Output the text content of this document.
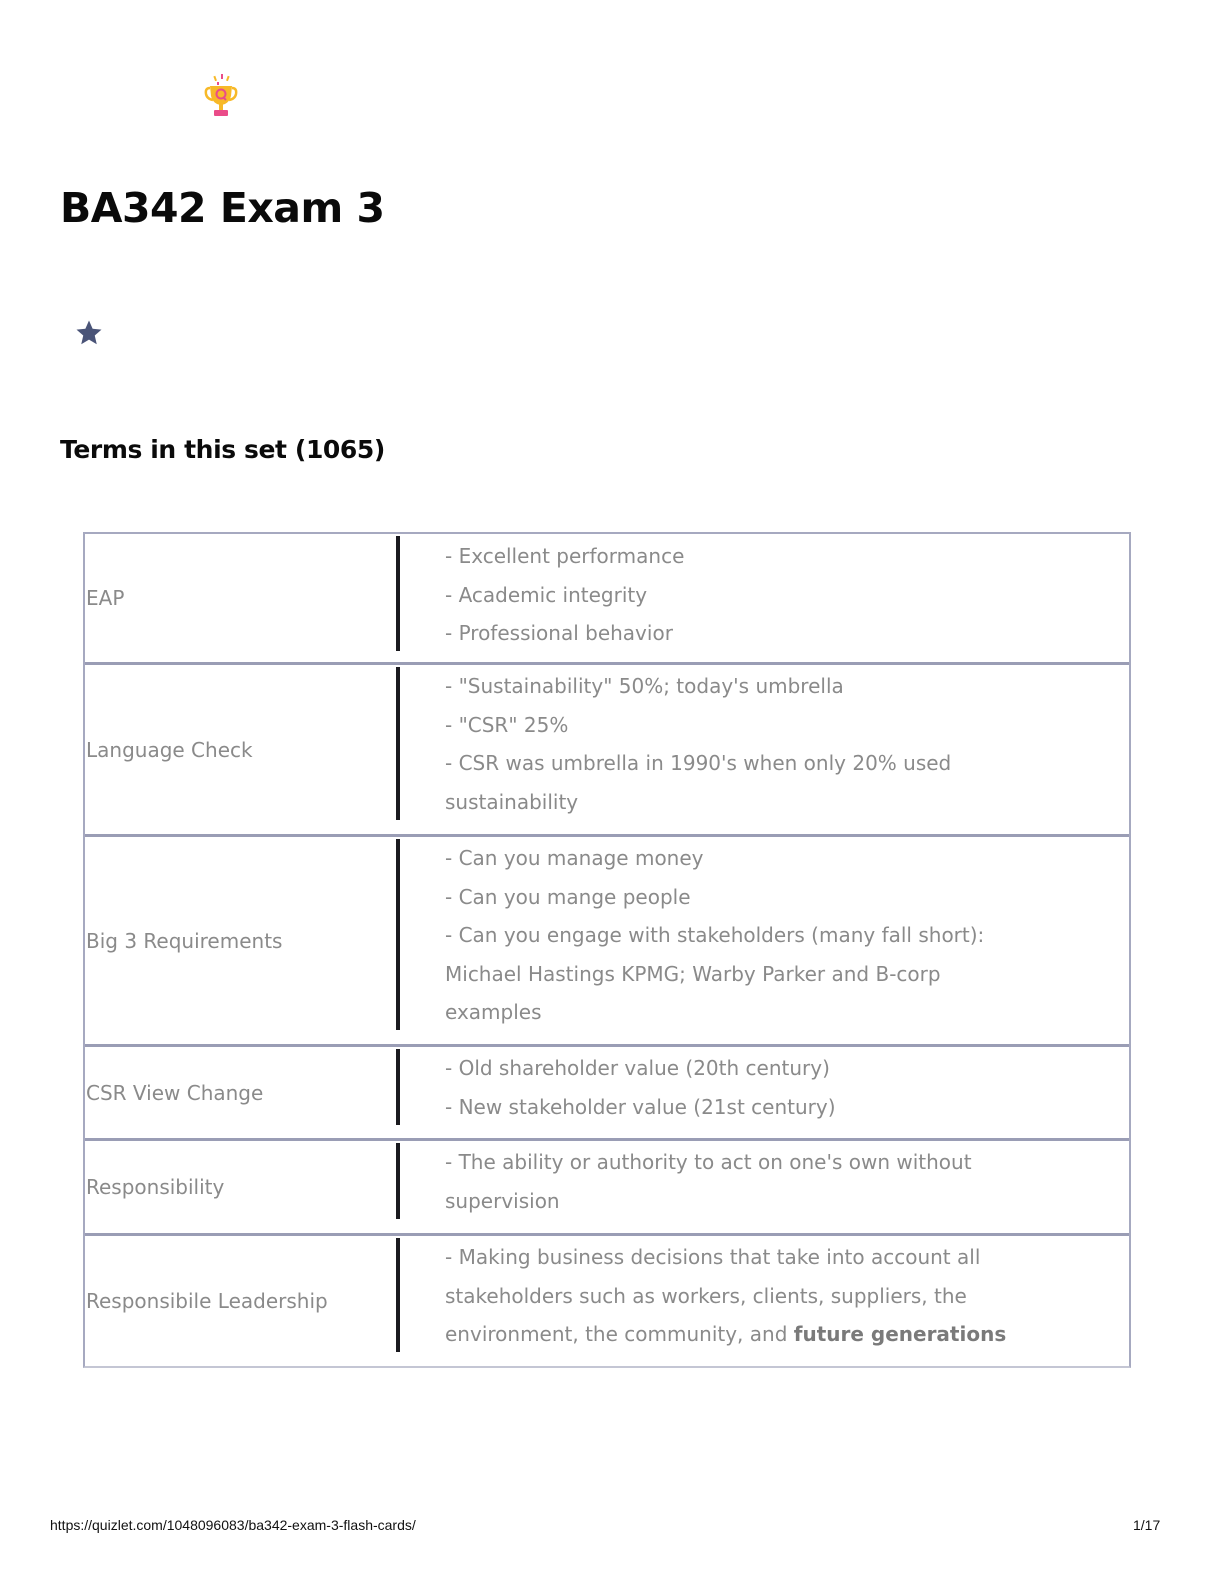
BA342 Exam 3
Terms in this set (1065)
EAP
- Excellent performance
- Academic integrity
- Professional behavior
Language Check
- "Sustainability" 50%; today's umbrella
- "CSR" 25%
- CSR was umbrella in 1990's when only 20% used sustainability
Big 3 Requirements
- Can you manage money
- Can you mange people
- Can you engage with stakeholders (many fall short): Michael Hastings KPMG; Warby Parker and B-corp examples
CSR View Change
- Old shareholder value (20th century)
- New stakeholder value (21st century)
Responsibility
- The ability or authority to act on one's own without supervision
Responsibile Leadership
- Making business decisions that take into account all stakeholders such as workers, clients, suppliers, the environment, the community, and future generations
https://quizlet.com/1048096083/ba342-exam-3-flash-cards/	1/17
